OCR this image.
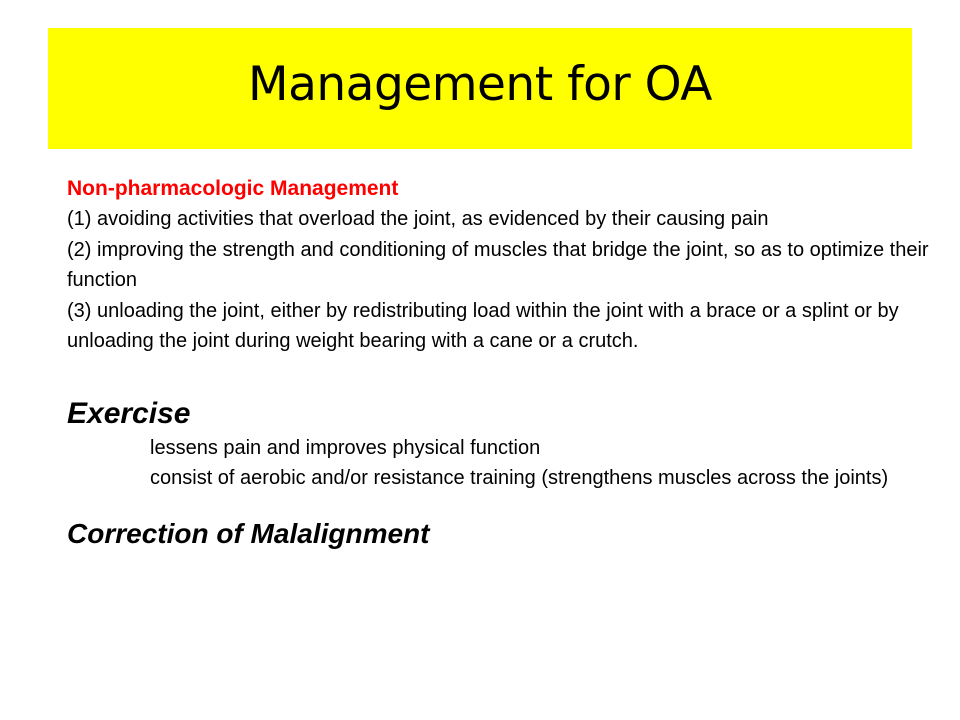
Management for OA
Non-pharmacologic Management

(1) avoiding activities that overload the joint, as evidenced by their causing pain

(2) improving the strength and conditioning of muscles that bridge the joint, so as to optimize their function

(3) unloading the joint, either by redistributing load within the joint with a brace or a splint or by unloading the joint during weight bearing with a cane or a crutch.

Exercise

lessens pain and improves physical function

consist of aerobic and/or resistance training (strengthens muscles across the joints)

Correction of Malalignment
